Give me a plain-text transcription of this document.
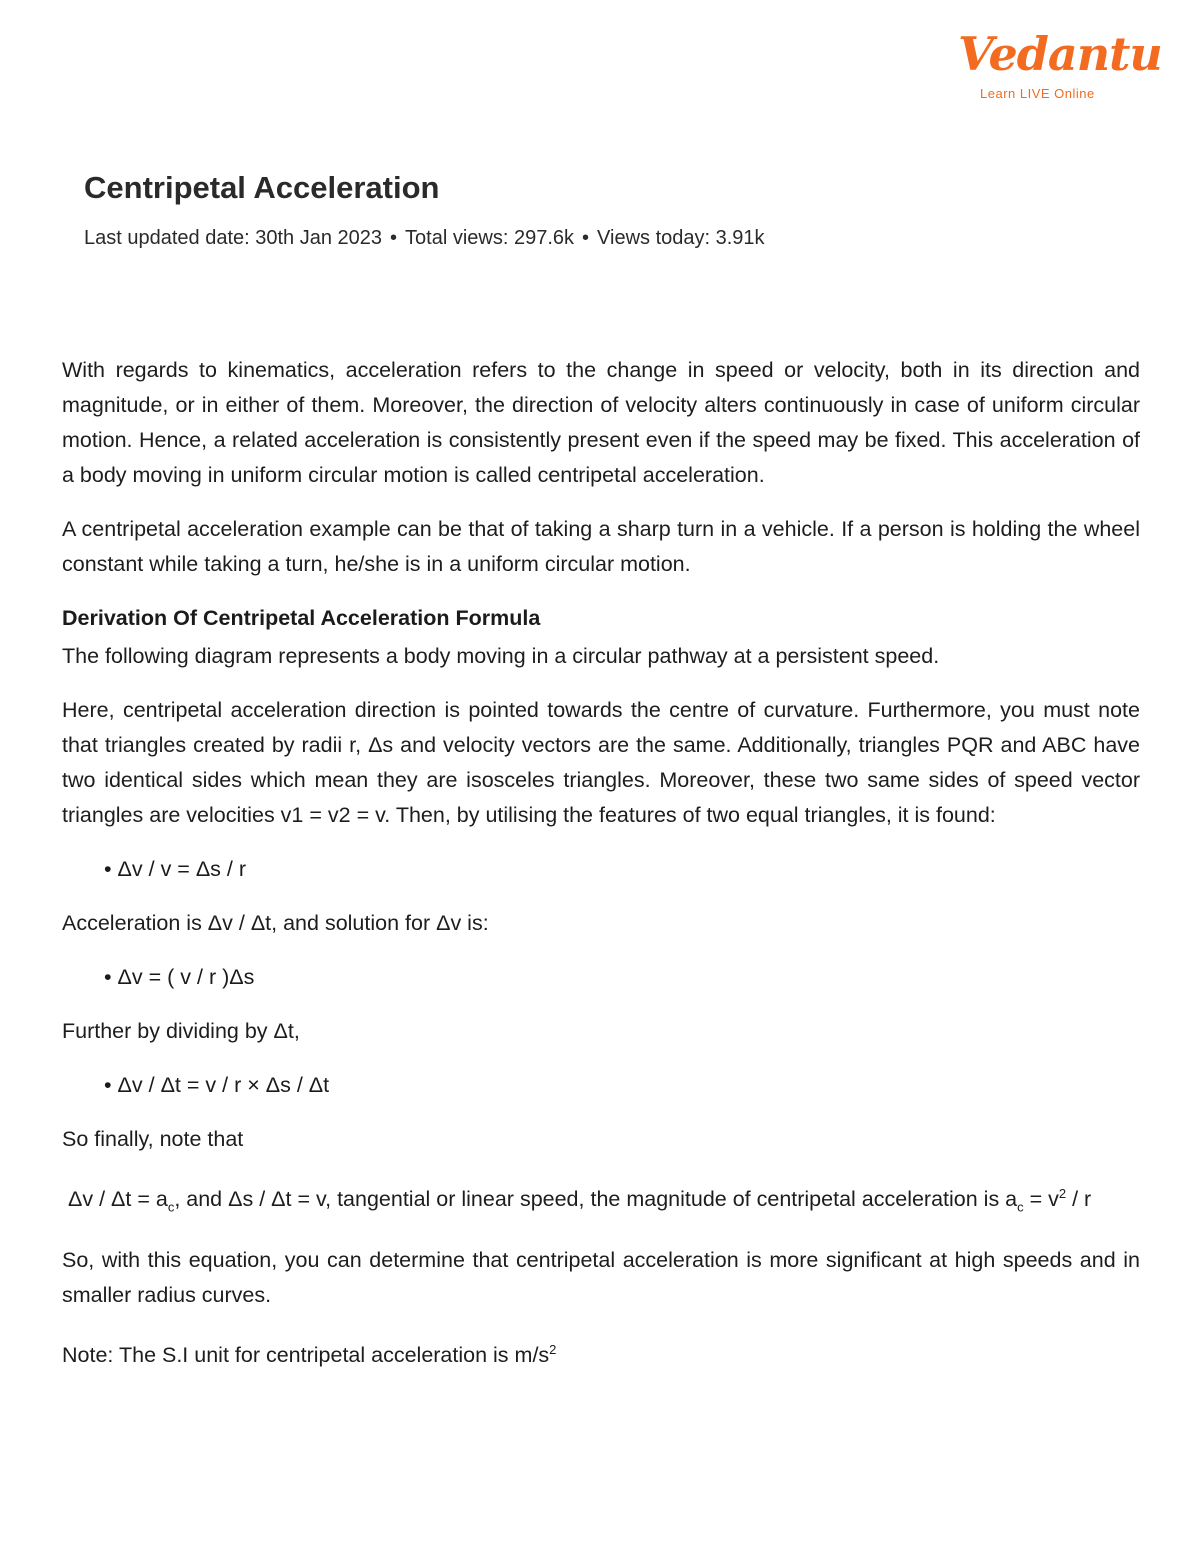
Vedantu
Learn LIVE Online
Centripetal Acceleration
Last updated date: 30th Jan 2023 • Total views: 297.6k • Views today: 3.91k

With regards to kinematics, acceleration refers to the change in speed or velocity, both in its direction and magnitude, or in either of them. Moreover, the direction of velocity alters continuously in case of uniform circular motion. Hence, a related acceleration is consistently present even if the speed may be fixed. This acceleration of a body moving in uniform circular motion is called centripetal acceleration.

A centripetal acceleration example can be that of taking a sharp turn in a vehicle. If a person is holding the wheel constant while taking a turn, he/she is in a uniform circular motion.

Derivation Of Centripetal Acceleration Formula

The following diagram represents a body moving in a circular pathway at a persistent speed.

Here, centripetal acceleration direction is pointed towards the centre of curvature. Furthermore, you must note that triangles created by radii r, Δs and velocity vectors are the same. Additionally, triangles PQR and ABC have two identical sides which mean they are isosceles triangles. Moreover, these two same sides of speed vector triangles are velocities v1 = v2 = v. Then, by utilising the features of two equal triangles, it is found:

• Δv / v = Δs / r

Acceleration is Δv / Δt, and solution for Δv is:

• Δv = ( v / r )Δs

Further by dividing by Δt,

• Δv / Δt = v / r × Δs / Δt

So finally, note that

$\Delta v / \Delta t = a_c$, and Δs / Δt = v, tangential or linear speed, the magnitude of centripetal acceleration is $a_c = v^2 / r$

So, with this equation, you can determine that centripetal acceleration is more significant at high speeds and in smaller radius curves.

Note: The S.I unit for centripetal acceleration is $m/s^2$
